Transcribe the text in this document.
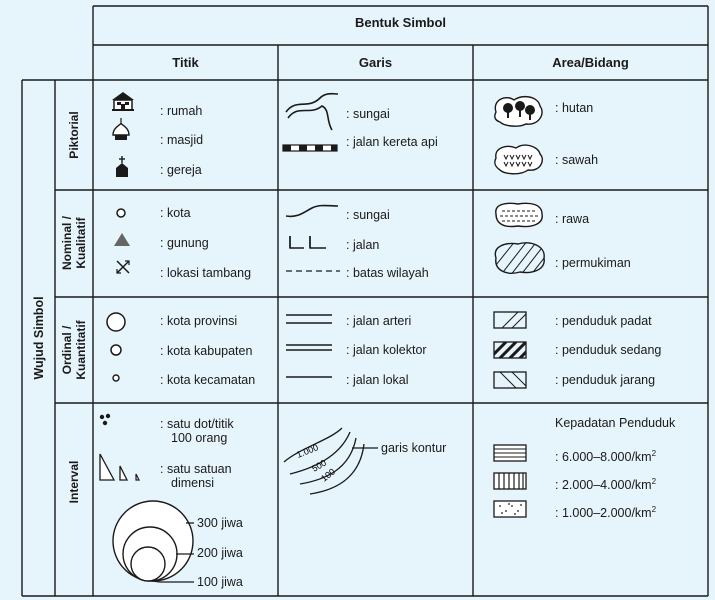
Bentuk Simbol
Titik	Garis	Area/Bidang
Wujud Simbol
Piktorial
Nominal / Kualitatif
Ordinal / Kuantitatif
Interval
: rumah
: masjid
: gereja
: sungai
: jalan kereta api
: hutan
: sawah
: kota
: gunung
: lokasi tambang
: sungai
: jalan
: batas wilayah
: rawa
: permukiman
: kota provinsi
: kota kabupaten
: kota kecamatan
: jalan arteri
: jalan kolektor
: jalan lokal
: penduduk padat
: penduduk sedang
: penduduk jarang
: satu dot/titik
100 orang
: satu satuan
dimensi
300 jiwa
200 jiwa
100 jiwa
1.000
500
100
garis kontur
Kepadatan Penduduk
: $6.000-8.000/km^2$
: $2.000-4.000/km^2$
: $1.000-2.000/km^2$
